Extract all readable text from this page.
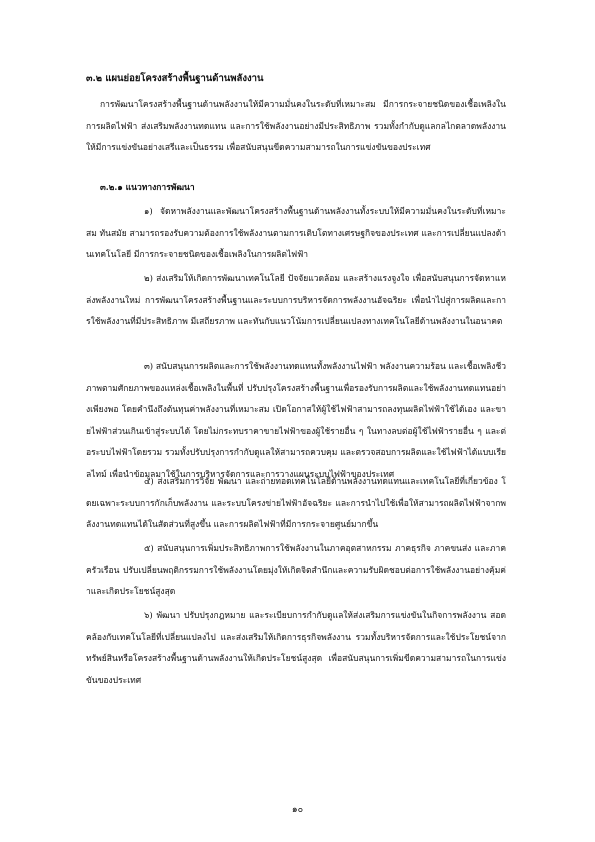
๓.๒ แผนย่อยโครงสร้างพื้นฐานด้านพลังงาน
การพัฒนาโครงสร้างพื้นฐานด้านพลังงานให้มีความมั่นคงในระดับที่เหมาะสม มีการกระจายชนิดของเชื้อเพลิงในการผลิตไฟฟ้า ส่งเสริมพลังงานทดแทน และการใช้พลังงานอย่างมีประสิทธิภาพ รวมทั้งกำกับดูแลกลไกตลาดพลังงานให้มีการแข่งขันอย่างเสรีและเป็นธรรม เพื่อสนับสนุนขีดความสามารถในการแข่งขันของประเทศ
๓.๒.๑ แนวทางการพัฒนา
๑) จัดหาพลังงานและพัฒนาโครงสร้างพื้นฐานด้านพลังงานทั้งระบบให้มีความมั่นคงในระดับที่เหมาะสม ทันสมัย สามารถรองรับความต้องการใช้พลังงานตามการเติบโตทางเศรษฐกิจของประเทศ และการเปลี่ยนแปลงด้านเทคโนโลยี มีการกระจายชนิดของเชื้อเพลิงในการผลิตไฟฟ้า
๒) ส่งเสริมให้เกิดการพัฒนาเทคโนโลยี ปัจจัยแวดล้อม และสร้างแรงจูงใจ เพื่อสนับสนุนการจัดหาแหล่งพลังงานใหม่ การพัฒนาโครงสร้างพื้นฐานและระบบการบริหารจัดการพลังงานอัจฉริยะ เพื่อนำไปสู่การผลิตและการใช้พลังงานที่มีประสิทธิภาพ มีเสถียรภาพ และทันกับแนวโน้มการเปลี่ยนแปลงทางเทคโนโลยีด้านพลังงานในอนาคต
๓) สนับสนุนการผลิตและการใช้พลังงานทดแทนทั้งพลังงานไฟฟ้า พลังงานความร้อน และเชื้อเพลิงชีวภาพตามศักยภาพของแหล่งเชื้อเพลิงในพื้นที่ ปรับปรุงโครงสร้างพื้นฐานเพื่อรองรับการผลิตและใช้พลังงานทดแทนอย่างเพียงพอ โดยคำนึงถึงต้นทุนค่าพลังงานที่เหมาะสม เปิดโอกาสให้ผู้ใช้ไฟฟ้าสามารถลงทุนผลิตไฟฟ้าใช้ได้เอง และขายไฟฟ้าส่วนเกินเข้าสู่ระบบได้ โดยไม่กระทบราคาขายไฟฟ้าของผู้ใช้รายอื่น ๆ ในทางลบต่อผู้ใช้ไฟฟ้ารายอื่น ๆ และต่อระบบไฟฟ้าโดยรวม รวมทั้งปรับปรุงการกำกับดูแลให้สามารถควบคุม และตรวจสอบการผลิตและใช้ไฟฟ้าได้แบบเรียลไทม์ เพื่อนำข้อมูลมาใช้ในการบริหารจัดการและการวางแผนระบบไฟฟ้าของประเทศ
๔) ส่งเสริมการวิจัย พัฒนา และถ่ายทอดเทคโนโลยีด้านพลังงานทดแทนและเทคโนโลยีที่เกี่ยวข้อง โดยเฉพาะระบบการกักเก็บพลังงาน และระบบโครงข่ายไฟฟ้าอัจฉริยะ และการนำไปใช้เพื่อให้สามารถผลิตไฟฟ้าจากพลังงานทดแทนได้ในสัดส่วนที่สูงขึ้น และการผลิตไฟฟ้าที่มีการกระจายศูนย์มากขึ้น
๕) สนับสนุนการเพิ่มประสิทธิภาพการใช้พลังงานในภาคอุตสาหกรรม ภาคธุรกิจ ภาคขนส่ง และภาคครัวเรือน ปรับเปลี่ยนพฤติกรรมการใช้พลังงานโดยมุ่งให้เกิดจิตสำนึกและความรับผิดชอบต่อการใช้พลังงานอย่างคุ้มค่าและเกิดประโยชน์สูงสุด
๖) พัฒนา ปรับปรุงกฎหมาย และระเบียบการกำกับดูแลให้ส่งเสริมการแข่งขันในกิจการพลังงาน สอดคล้องกับเทคโนโลยีที่เปลี่ยนแปลงไป และส่งเสริมให้เกิดการธุรกิจพลังงาน รวมทั้งบริหารจัดการและใช้ประโยชน์จากทรัพย์สินหรือโครงสร้างพื้นฐานด้านพลังงานให้เกิดประโยชน์สูงสุด เพื่อสนับสนุนการเพิ่มขีดความสามารถในการแข่งขันของประเทศ
๑๐
